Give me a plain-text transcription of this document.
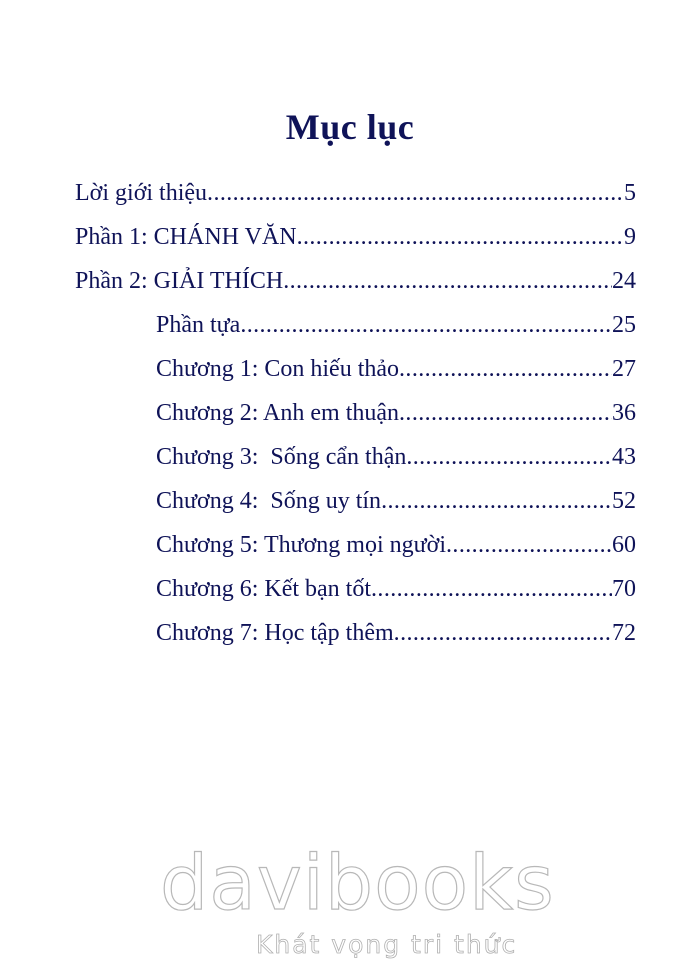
Mục lục
Lời giới thiệu .....	5
Phần 1: CHÁNH VĂN .....	9
Phần 2: GIẢI THÍCH .....	24
Phần tựa .....	25
Chương 1: Con hiếu thảo .....	27
Chương 2: Anh em thuận .....	36
Chương 3:  Sống cẩn thận .....	43
Chương 4:  Sống uy tín .....	52
Chương 5: Thương mọi người .....	60
Chương 6: Kết bạn tốt .....	70
Chương 7: Học tập thêm .....	72
davibooks
Khát vọng tri thức
